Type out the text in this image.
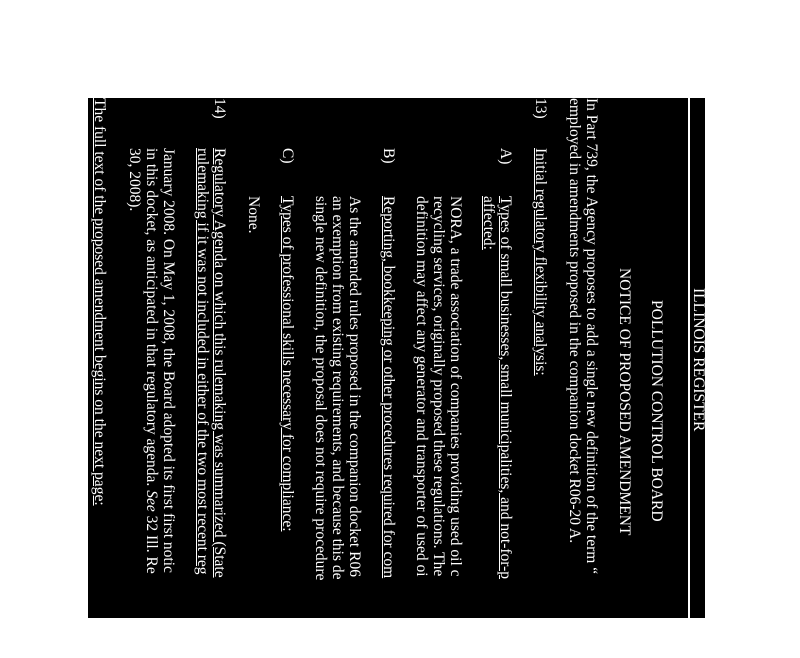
ILLINOIS REGISTER
POLLUTION CONTROL BOARD
NOTICE OF PROPOSED AMENDMENT
In Part 739, the Agency proposes to add a single new definition of the term “
employed in amendments proposed in the companion docket R06-20 A.
13)
Initial regulatory flexibility analysis:
A)
Types of small businesses, small municipalities, and not-for-p
affected:
NORA, a trade association of companies providing used oil c
recycling services, originally proposed these regulations. The
definition may affect any generator and transporter of used oi
B)
Reporting, bookkeeping or other procedures required for com
As the amended rules proposed in the companion docket R06
an exemption from existing requirements, and because this de
single new definition, the proposal does not require procedure
C)
Types of professional skills necessary for compliance:
None.
14)
Regulatory Agenda on which this rulemaking was summarized (State
rulemaking if it was not included in either of the two most recent reg
January 2008. On May 1, 2008, the Board adopted its first first notic
in this docket, as anticipated in that regulatory agenda. See 32 Ill. Re
30, 2008).
The full text of the proposed amendment begins on the next page:
